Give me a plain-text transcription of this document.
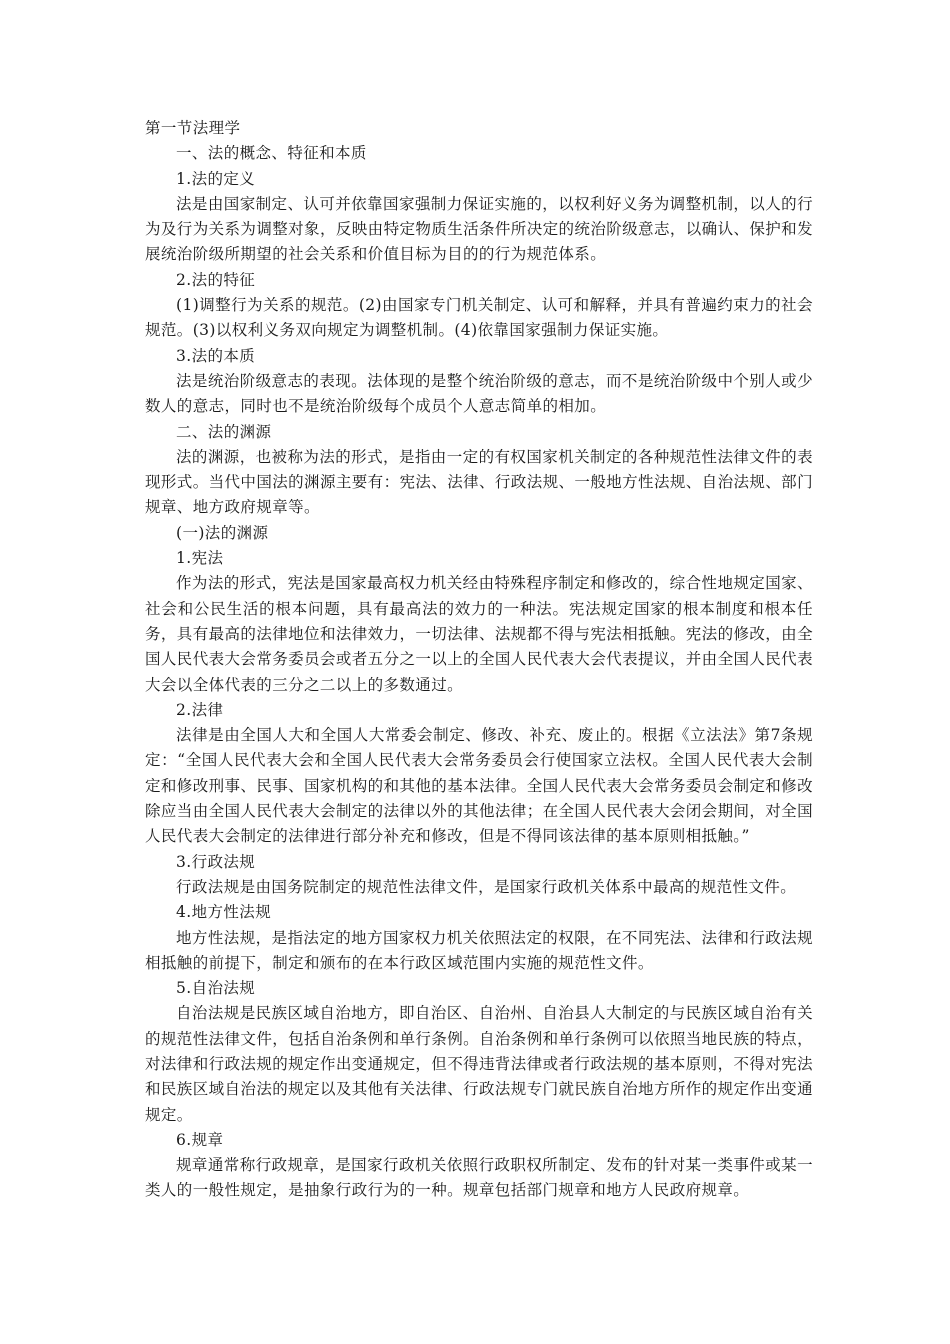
第一节法理学

一、法的概念、特征和本质

1.法的定义

法是由国家制定、认可并依靠国家强制力保证实施的，以权利好义务为调整机制，以人的行为及行为关系为调整对象，反映由特定物质生活条件所决定的统治阶级意志，以确认、保护和发展统治阶级所期望的社会关系和价值目标为目的的行为规范体系。

2.法的特征

(1)调整行为关系的规范。(2)由国家专门机关制定、认可和解释，并具有普遍约束力的社会规范。(3)以权利义务双向规定为调整机制。(4)依靠国家强制力保证实施。

3.法的本质

法是统治阶级意志的表现。法体现的是整个统治阶级的意志，而不是统治阶级中个别人或少数人的意志，同时也不是统治阶级每个成员个人意志简单的相加。

二、法的渊源

法的渊源，也被称为法的形式，是指由一定的有权国家机关制定的各种规范性法律文件的表现形式。当代中国法的渊源主要有：宪法、法律、行政法规、一般地方性法规、自治法规、部门规章、地方政府规章等。

(一)法的渊源

1.宪法

作为法的形式，宪法是国家最高权力机关经由特殊程序制定和修改的，综合性地规定国家、社会和公民生活的根本问题，具有最高法的效力的一种法。宪法规定国家的根本制度和根本任务，具有最高的法律地位和法律效力，一切法律、法规都不得与宪法相抵触。宪法的修改，由全国人民代表大会常务委员会或者五分之一以上的全国人民代表大会代表提议，并由全国人民代表大会以全体代表的三分之二以上的多数通过。

2.法律

法律是由全国人大和全国人大常委会制定、修改、补充、废止的。根据《立法法》第7条规定：“全国人民代表大会和全国人民代表大会常务委员会行使国家立法权。全国人民代表大会制定和修改刑事、民事、国家机构的和其他的基本法律。全国人民代表大会常务委员会制定和修改除应当由全国人民代表大会制定的法律以外的其他法律；在全国人民代表大会闭会期间，对全国人民代表大会制定的法律进行部分补充和修改，但是不得同该法律的基本原则相抵触。”

3.行政法规

行政法规是由国务院制定的规范性法律文件，是国家行政机关体系中最高的规范性文件。

4.地方性法规

地方性法规，是指法定的地方国家权力机关依照法定的权限，在不同宪法、法律和行政法规相抵触的前提下，制定和颁布的在本行政区域范围内实施的规范性文件。

5.自治法规

自治法规是民族区域自治地方，即自治区、自治州、自治县人大制定的与民族区域自治有关的规范性法律文件，包括自治条例和单行条例。自治条例和单行条例可以依照当地民族的特点，对法律和行政法规的规定作出变通规定，但不得违背法律或者行政法规的基本原则，不得对宪法和民族区域自治法的规定以及其他有关法律、行政法规专门就民族自治地方所作的规定作出变通规定。

6.规章

规章通常称行政规章，是国家行政机关依照行政职权所制定、发布的针对某一类事件或某一类人的一般性规定，是抽象行政行为的一种。规章包括部门规章和地方人民政府规章。
